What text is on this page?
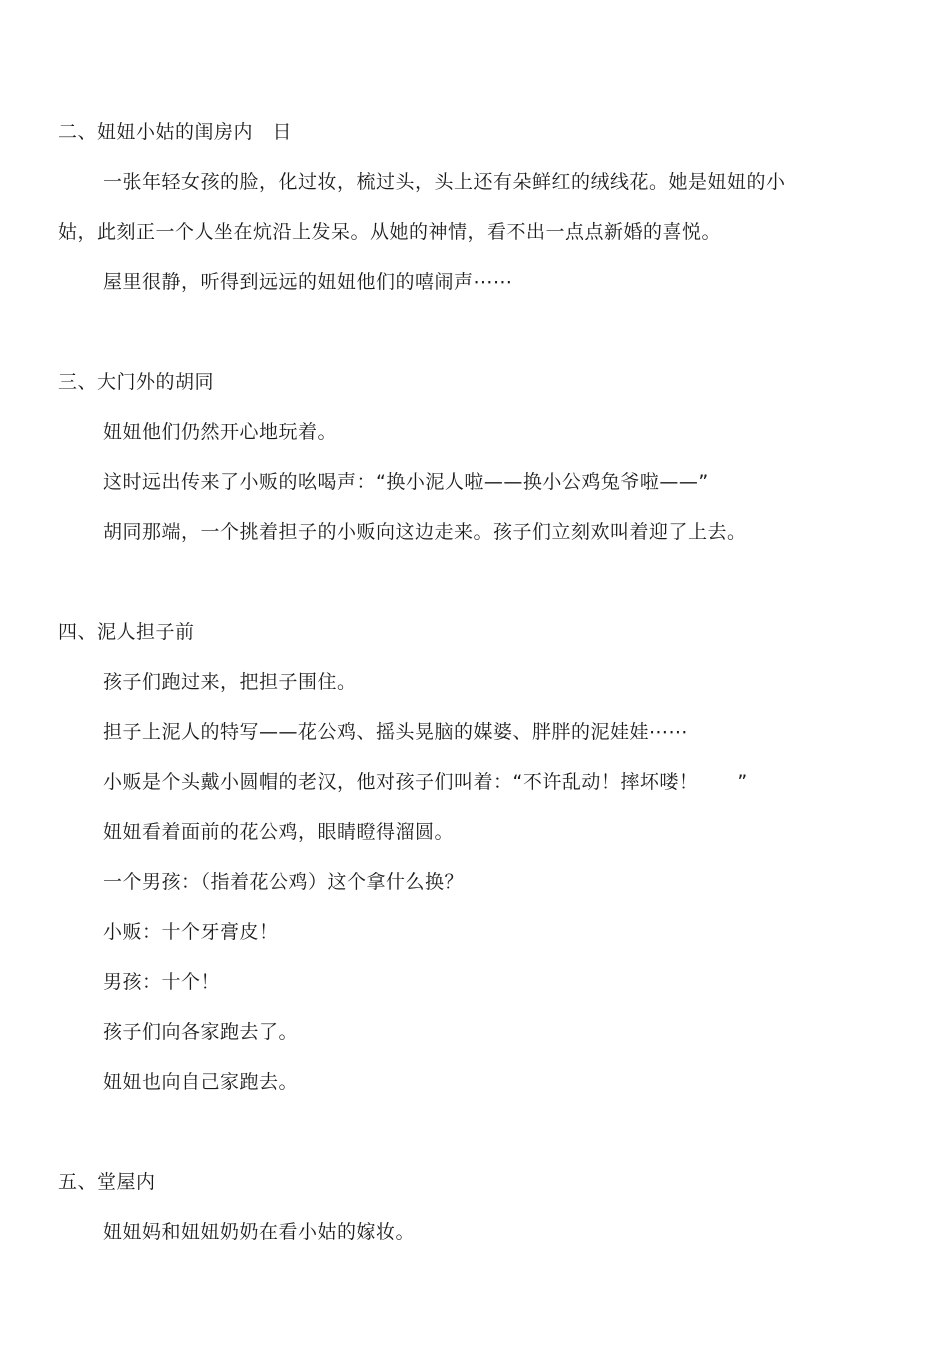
二、妞妞小姑的闺房内　日
一张年轻女孩的脸，化过妆，梳过头，头上还有朵鲜红的绒线花。她是妞妞的小
姑，此刻正一个人坐在炕沿上发呆。从她的神情，看不出一点点新婚的喜悦。
屋里很静，听得到远远的妞妞他们的嘻闹声⋯⋯
三、大门外的胡同
妞妞他们仍然开心地玩着。
这时远出传来了小贩的吆喝声：“换小泥人啦——换小公鸡兔爷啦——”
胡同那端，一个挑着担子的小贩向这边走来。孩子们立刻欢叫着迎了上去。
四、泥人担子前
孩子们跑过来，把担子围住。
担子上泥人的特写——花公鸡、摇头晃脑的媒婆、胖胖的泥娃娃⋯⋯
小贩是个头戴小圆帽的老汉，他对孩子们叫着：“不许乱动！摔坏喽！　　”
妞妞看着面前的花公鸡，眼睛瞪得溜圆。
一个男孩：（指着花公鸡）这个拿什么换？
小贩：十个牙膏皮！
男孩：十个！
孩子们向各家跑去了。
妞妞也向自己家跑去。
五、堂屋内
妞妞妈和妞妞奶奶在看小姑的嫁妆。
